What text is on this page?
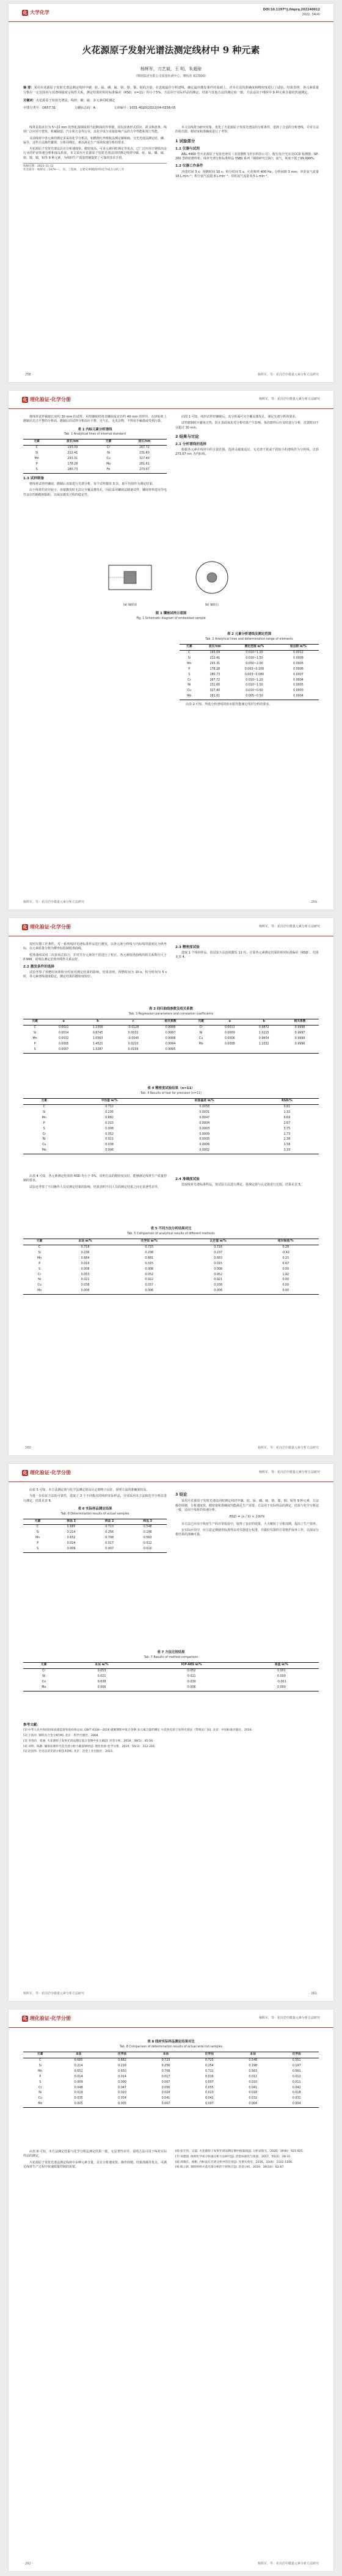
化 大学化学	DOI:10.1197*/j.fmprq.202240012
2022, 34(4)
火花源原子发射光谱法测定线材中 9 种元素
杨辉军，刀艺斌，王 明，朱超琼
（攀钢集团有限公司质量检测中心，攀枝花 617000）
摘 要：采用火花源原子发射光谱法测定线材中碳、硅、锰、磷、硫、铬、镍、铜、钼的含量。在选取最佳分析谱线、确定最佳激发条件的基础上，对本方法的准确度和精密度进行了试验。结果表明：各元素质量分数在一定范围内与其谱线强度呈线性关系，测定结果的相对标准偏差（RSD，n=11）均小于5%，方法用于实际样品的测定，结果与其他方法的测定值一致。方法适用于线材中 9 种元素含量的快速测定。
关键词：火花源原子发射光谱法；线材；碳；硫；多元素同时测定
中图分类号：O657.31	文献标志码：A	文章编号：1001-4020(2022)04-0258-05

线材是指直径为 5~22 mm 的热轧圆钢或相当此断面的异形钢，因以盘条形式供应，故又称盘条。线材广泛应用于建筑、机械制造、汽车和五金等行业，其化学成分直接影响产品的力学性能和加工性能。

目前线材中各元素的测定多采用化学分析法，如燃烧红外吸收法测定碳和硫、分光光度法测定硅、磷、锰等，这些方法操作繁琐、分析周期长，难以满足生产现场快速分析的要求。

火花源原子发射光谱法具有分析速度快、精密度高、可多元素同时测定等优点，已广泛应用于钢铁冶金行业的炉前快速分析和成品检验。本文采用火花源原子发射光谱法同时测定线材中碳、硅、锰、磷、硫、铬、镍、铜、钼等 9 种元素，为线材生产质量控制提供了可靠的技术手段。

收稿日期：2021-11-12
作者简介：杨辉军（1979—），男，工程师，主要从事钢铁材料化学成分分析工作

本文以线材为研究对象，优化了火花源原子发射光谱法的分析条件，选择了合适的分析谱线，并对方法的检出限、精密度和准确度进行了考察。

1 试验部分
1.1 仪器与试剂

ARL 4460 型火花源原子发射光谱仪（美国赛默飞世尔科技公司），配有真空光室及CCD 检测器；SP-200 型砂轮磨样机；线材光谱分析标准样品 YSBS 系列（钢铁研究总院）；氩气，纯度不低于99.999%。

1.2 仪器工作条件

冲洗时间 3 s；预燃时间 10 s；积分时间 5 s；火花频率 400 Hz；分析间隙 3 mm；冲洗氩气流量 18 L·min⁻¹；积分氩气流量 8 L·min⁻¹；待机氩气流量 0.5 L·min⁻¹。

· 258 ·	杨辉军，等：花岗岩中微量元素分析方法研究
化 理化验证·化学分册	杨辉军，等：花岗岩中微量元素分析方法研究

将线材试样截取长度约 30 mm 的试样，用热镶嵌机将其镶嵌成直径约 40 mm 的样块，在砂轮机上磨制出光洁平整的分析面。磨制后的试样分析面应平整、无气孔、无夹杂物，不得用手触摸或受到污染。

表 1 内标元素分析谱线
Tab. 1 Analytical lines of internal standard
元素	波长/nm	元素	波长/nm
C	193.09	Cr	267.72
Si	212.41	Ni	231.60
Mn	293.31	Cu	327.40
P	178.28	Mo	281.61
S	180.73	Fe	273.07
1.3 试样制备

将线材试样经镶嵌、磨制后直接进行光谱分析。每个试样激发 3 次，取平均值作为测定结果。

由于线材的直径较小，直接激发时无法完全覆盖激发孔，因此采用镶嵌法制备试样。镶嵌材料选用导电性良好的酚醛树脂粉，以保证激发过程的稳定性。

由图 1 可知，线材试样经镶嵌后，其分析面可完全覆盖激发孔，满足光谱分析的要求。

试样磨制时应避免过热，防止表面氧化对分析结果产生影响。每次磨样后应及时进行分析，放置时间不宜超过 30 min。

2 结果与讨论
2.1 分析谱线的选择

根据各元素在线材中的含量范围，选择灵敏度适宜、无光谱干扰或干扰较小的谱线作为分析线，以铁 273.07 nm 为内标线。

(a) 镶嵌前	(b) 镶嵌后
图 1 镶嵌试样示意图
Fig. 1 Schematic diagram of embedded sample
表 2 元素分析谱线及测定范围
Tab. 2 Analytical lines and determination range of elements
元素	波长/nm	测定范围 w/%	检出限 w/%
C	193.09	0.010~1.20	0.0012
Si	212.41	0.010~1.50	0.0008
Mn	293.31	0.050~2.00	0.0005
P	178.28	0.003~0.100	0.0006
S	180.73	0.003~0.080	0.0007
Cr	267.72	0.010~1.20	0.0004
Ni	231.60	0.010~1.00	0.0005
Cu	327.40	0.010~0.60	0.0003
Mo	281.61	0.005~0.50	0.0004

由表 2 可知，所选分析谱线的检出限均能满足线材分析的要求。

杨辉军，等：花岗岩中微量元素分析方法研究	· 259 ·
化 理化验证·化学分册	杨辉军，等：花岗岩中微量元素分析方法研究

按照仪器工作条件，对一系列线材光谱标准样品进行激发，以各元素分析线与内标线的强度比为纵坐标，以元素质量分数为横坐标绘制校准曲线。

校准曲线采用二次多项式拟合，并对共存元素的干扰进行了校正。各元素校准曲线的相关系数均大于 0.999，说明在测定范围内线性关系良好。

2.2 激发条件的选择

试验考察了预燃时间和积分时间对测定结果的影响。结果表明，预燃时间为 10 s、积分时间为 5 s 时，各元素谱线强度稳定，测定结果的精密度较好。

2.3 精密度试验

选取 1 个线材样品，按试验方法连续激发 11 次，计算各元素测定结果的相对标准偏差（RSD）。结果见表 4。

表 3 回归曲线参数及相关系数
Tab. 3 Regression parameters and correlation coefficients
元素	a	b	c	相关系数	元素	a	b	相关系数
C	0.0021	1.2356	-0.0128	0.9996	Cr	0.0011	0.9872	0.9998
Si	0.0014	0.8745	0.0032	0.9997	Ni	0.0009	1.0215	0.9997
Mn	0.0032	1.0563	-0.0045	0.9998	Cu	0.0006	0.9654	0.9999
P	0.0005	1.4521	0.0210	0.9994	Mo	0.0008	1.1032	0.9996
S	0.0007	1.3287	0.0156	0.9995				
表 4 精密度试验结果（n=11）
Tab. 4 Results of test for precision (n=11)
元素	平均值 w/%	标准偏差 w/%	RSD/%
C	0.712	0.0058	0.81
Si	0.235	0.0031	1.32
Mn	0.682	0.0047	0.69
P	0.015	0.0004	2.67
S	0.008	0.0003	3.75
Cr	0.052	0.0009	1.73
Ni	0.021	0.0005	2.38
Cu	0.038	0.0006	1.58
Mo	0.006	0.0002	3.33

由表 4 可知，各元素测定结果的 RSD 均小于 5%，说明方法的精密度良好，能够满足线材生产质量控制的要求。

试验还考察了不同操作人员对测定结果的影响，结果表明不同人员的测定结果之间无显著性差异。

2.4 准确度试验

选取线材光谱标准样品，按试验方法进行测定，将测定值与认定值进行比较，结果见表 5。

表 5 不同方法分析结果对比
Tab. 5 Comparison of analytical results of different methods
元素	本法 w/%	化学法 w/%	认定值 w/%	相对误差/%
C	0.718	0.715	0.716	0.28
Si	0.236	0.238	0.237	-0.42
Mn	0.684	0.681	0.683	0.15
P	0.016	0.015	0.015	6.67
S	0.008	0.008	0.008	0.00
Cr	0.053	0.052	0.052	1.92
Ni	0.021	0.022	0.021	0.00
Cu	0.038	0.037	0.038	0.00
Mo	0.006	0.006	0.006	0.00
· 260 ·	杨辉军，等：花岗岩中微量元素分析方法研究
化 理化验证·化学分册	杨辉军，等：花岗岩中微量元素分析方法研究

由表 5 可知，本方法测定值与化学法测定值及认定值吻合良好，说明方法的准确度较高。

为进一步验证方法的可靠性，选取了 3 个不同批次的线材实际样品，分别采用本方法和化学分析法进行测定，结果见表 6。

表 6 实际样品测定结果
Tab. 6 Determination results of actual samples
元素	样品 1	样品 2	样品 3
C	0.685	0.723	0.548
Si	0.214	0.256	0.198
Mn	0.652	0.708	0.563
P	0.014	0.017	0.012
S	0.009	0.007	0.010
3 结论

采用火花源原子发射光谱法同时测定线材中碳、硅、锰、磷、硫、铬、镍、铜、钼等 9 种元素，方法操作简便、分析速度快，精密度和准确度均能满足生产需要。方法用于实际样品的测定，结果与化学分析法一致，适用于线材的快速分析。

RSD = (s / x̄) × 100%

本方法已应用于线材生产的日常检验中，取得了良好的效果，大大缩短了分析周期，提高了生产效率。

在实际应用中，应注意定期使用标准样品对仪器进行校准，并做好仪器的日常维护保养工作，以保证分析结果的准确可靠。

表 7 方法比较结果
Tab. 7 Results of method comparison
元素	本法 w/%	ICP-AES w/%	差值 w/%
Cr	0.053	0.052	0.001
Ni	0.021	0.021	0.000
Cu	0.038	0.039	-0.001
Mo	0.006	0.006	0.000
参考文献：
[1] 中华人民共和国国家质量监督检验检疫总局. GB/T 4336—2016 碳素钢和中低合金钢 多元素含量的测定 火花放电原子发射光谱法（常规法）[S]. 北京：中国标准出版社，2016.
[2] 王海舟. 钢铁及合金分析[M]. 北京：科学出版社，2004.
[3] 李春玲，张丽. 火花源原子发射光谱法测定低合金钢中多元素[J]. 冶金分析，2018，38(5)：45-50.
[4] 刘明，陈静. 镶嵌法制样火花光谱分析小截面钢材[J]. 理化检验-化学分册，2019，55(3)：312-316.
[5] 赵国华. 光电直读光谱分析技术[M]. 北京：冶金工业出版社，2015.
杨辉军，等：花岗岩中微量元素分析方法研究	· 261 ·
化 理化验证·化学分册	杨辉军，等：花岗岩中微量元素分析方法研究
表 8 线材实际样品测定结果对比
Tab. 8 Comparison of determination results of actual wire rod samples
元素	本法	化学法	本法	化学法	本法	化学法
C	0.685	0.682	0.723	0.725	0.548	0.551
Si	0.214	0.216	0.256	0.254	0.198	0.197
Mn	0.652	0.650	0.708	0.711	0.563	0.561
P	0.014	0.014	0.017	0.016	0.012	0.012
S	0.009	0.009	0.007	0.007	0.010	0.011
Cr	0.048	0.047	0.056	0.055	0.041	0.042
Ni	0.019	0.020	0.024	0.023	0.018	0.018
Cu	0.035	0.034	0.041	0.042	0.032	0.031
Mo	0.005	0.005	0.007	0.007	0.004	0.004

由表 8 可知，本方法测定结果与化学分析法测定结果一致，无显著性差异，说明方法可用于线材实际样品的测定。

火花源原子发射光谱法测定线材中多种元素含量，具有分析速度快、操作简便、结果准确等优点，可满足线材生产过程中快速质量控制的需要。

[6] 张宏伟，吴磊. 火花源原子发射光谱法测定钢中痕量硫[J]. 分析试验室，2020，39(8)：921-925.
[7] 孙建国. 线材化学成分快速分析方法研究[J]. 冶金标准化与质量，2017，55(2)：28-31.
[8] 周晓东，杨帆. 内标法在光谱分析中的应用[J]. 光谱实验室，2016，33(4)：1102-1106.
[9] 陈立新. 钢铁材料火花光谱分析的干扰校正[J]. 冶金分析，2019，39(10)：62-67.
· 262 ·	杨辉军，等：花岗岩中微量元素分析方法研究
